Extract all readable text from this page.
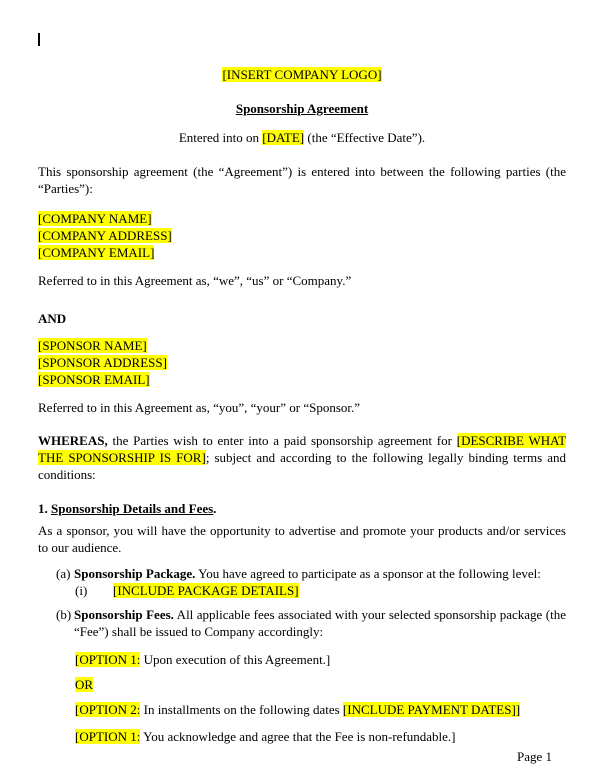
[INSERT COMPANY LOGO]

Sponsorship Agreement

Entered into on [DATE] (the “Effective Date”).

This sponsorship agreement (the “Agreement”) is entered into between the following parties (the “Parties”):

[COMPANY NAME]

[COMPANY ADDRESS]

[COMPANY EMAIL]

Referred to in this Agreement as, “we”, “us” or “Company.”

AND

[SPONSOR NAME]

[SPONSOR ADDRESS]

[SPONSOR EMAIL]

Referred to in this Agreement as, “you”, “your” or “Sponsor.”

WHEREAS, the Parties wish to enter into a paid sponsorship agreement for [DESCRIBE WHAT THE SPONSORSHIP IS FOR]; subject and according to the following legally binding terms and conditions:

1. Sponsorship Details and Fees.

As a sponsor, you will have the opportunity to advertise and promote your products and/or services to our audience.

(a) Sponsorship Package. You have agreed to participate as a sponsor at the following level:

(i) [INCLUDE PACKAGE DETAILS]

(b) Sponsorship Fees. All applicable fees associated with your selected sponsorship package (the “Fee”) shall be issued to Company accordingly:

[OPTION 1: Upon execution of this Agreement.]

OR

[OPTION 2: In installments on the following dates [INCLUDE PAYMENT DATES]]

[OPTION 1: You acknowledge and agree that the Fee is non-refundable.]

Page 1
